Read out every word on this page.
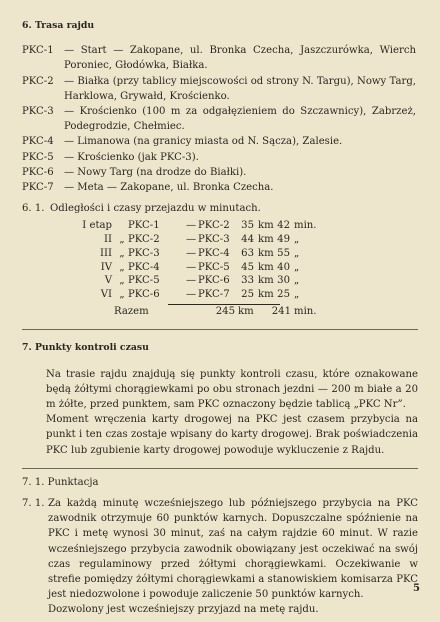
6. Trasa rajdu

PKC-1	— Start — Zakopane, ul. Bronka Czecha, Jaszczurówka, Wierch Poroniec, Głodówka, Białka.
PKC-2	— Białka (przy tablicy miejscowości od strony N. Targu), Nowy Targ, Harklowa, Grywałd, Krościenko.
PKC-3	— Krościenko (100 m za odgałęzieniem do Szczawnicy), Zabrzeż, Podegrodzie, Chełmiec.
PKC-4	— Limanowa (na granicy miasta od N. Sącza), Zalesie.
PKC-5	— Krościenko (jak PKC-3).
PKC-6	— Nowy Targ (na drodze do Białki).
PKC-7	— Meta — Zakopane, ul. Bronka Czecha.
6. 1. Odległości i czasy przejazdu w minutach.
I etap	PKC-1	— PKC-2	35 km 42 min.
II „ PKC-2	— PKC-3	44 km 49 „
III „ PKC-3	— PKC-4	63 km 55 „
IV „ PKC-4	— PKC-5	45 km 40 „
V „ PKC-5	— PKC-6	33 km 30 „
VI „ PKC-6	— PKC-7	25 km 25 „
Razem	245 km	241 min.

7. Punkty kontroli czasu

Na trasie rajdu znajdują się punkty kontroli czasu, które oznakowane będą żółtymi chorągiewkami po obu stronach jezdni — 200 m białe a 20 m żółte, przed punktem, sam PKC oznaczony będzie tablicą „PKC Nr”.

Moment wręczenia karty drogowej na PKC jest czasem przybycia na punkt i ten czas zostaje wpisany do karty drogowej. Brak poświadczenia PKC lub zgubienie karty drogowej powoduje wykluczenie z Rajdu.

7. 1. Punktacja

7. 1. Za każdą minutę wcześniejszego lub późniejszego przybycia na PKC zawodnik otrzymuje 60 punktów karnych. Dopuszczalne spóźnienie na PKC i metę wynosi 30 minut, zaś na całym rajdzie 60 minut. W razie wcześniejszego przybycia zawodnik obowiązany jest oczekiwać na swój czas regulaminowy przed żółtymi chorągiewkami. Oczekiwanie w strefie pomiędzy żółtymi chorągiewkami a stanowiskiem komisarza PKC jest niedozwolone i powoduje zaliczenie 50 punktów karnych.

Dozwolony jest wcześniejszy przyjazd na metę rajdu.

5
